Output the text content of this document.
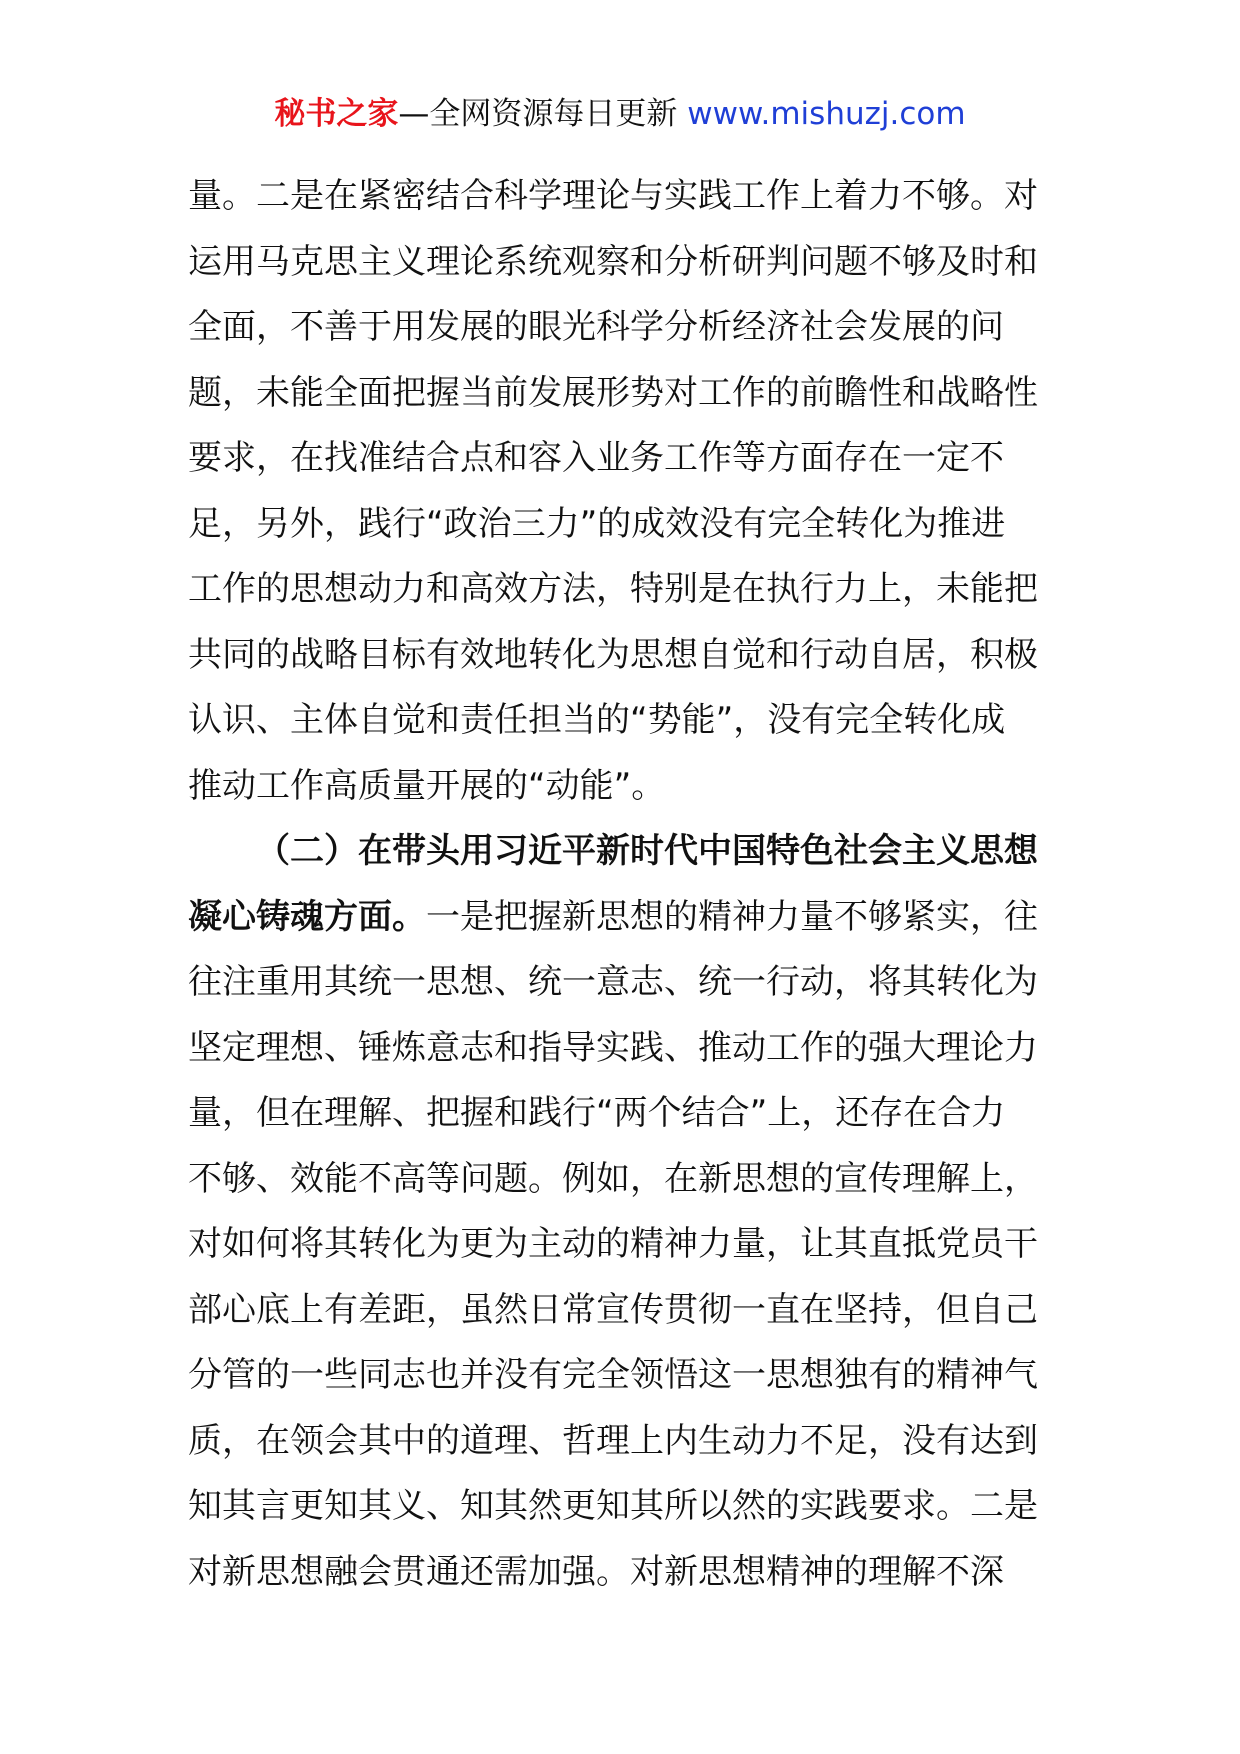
秘书之家—全网资源每日更新 www.mishuzj.com
量。二是在紧密结合科学理论与实践工作上着力不够。对
运用马克思主义理论系统观察和分析研判问题不够及时和
全面，不善于用发展的眼光科学分析经济社会发展的问
题，未能全面把握当前发展形势对工作的前瞻性和战略性
要求，在找准结合点和容入业务工作等方面存在一定不
足，另外，践行“政治三力”的成效没有完全转化为推进
工作的思想动力和高效方法，特别是在执行力上，未能把
共同的战略目标有效地转化为思想自觉和行动自居，积极
认识、主体自觉和责任担当的“势能”，没有完全转化成
推动工作高质量开展的“动能”。
（二）在带头用习近平新时代中国特色社会主义思想
凝心铸魂方面。一是把握新思想的精神力量不够紧实，往
往注重用其统一思想、统一意志、统一行动，将其转化为
坚定理想、锤炼意志和指导实践、推动工作的强大理论力
量，但在理解、把握和践行“两个结合”上，还存在合力
不够、效能不高等问题。例如，在新思想的宣传理解上，
对如何将其转化为更为主动的精神力量，让其直抵党员干
部心底上有差距，虽然日常宣传贯彻一直在坚持，但自己
分管的一些同志也并没有完全领悟这一思想独有的精神气
质，在领会其中的道理、哲理上内生动力不足，没有达到
知其言更知其义、知其然更知其所以然的实践要求。二是
对新思想融会贯通还需加强。对新思想精神的理解不深
